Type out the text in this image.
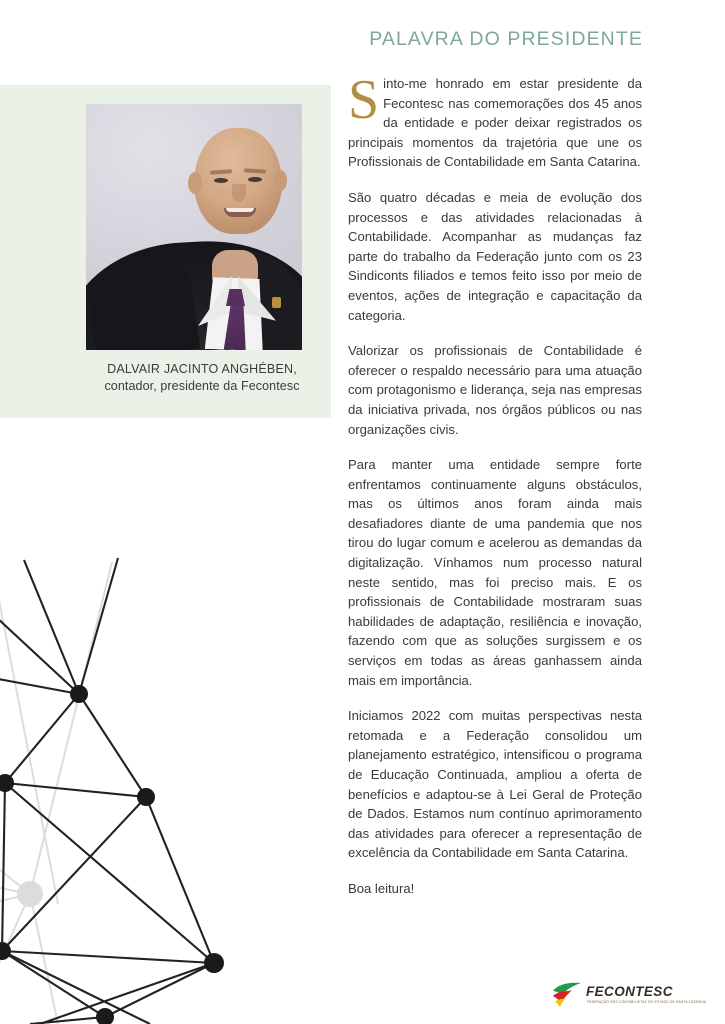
PALAVRA DO PRESIDENTE
DALVAIR JACINTO ANGHÉBEN,
contador, presidente da Fecontesc

Sinto-me honrado em estar presidente da Fecontesc nas comemorações dos 45 anos da entidade e poder deixar registrados os principais momentos da trajetória que une os Profissionais de Contabilidade em Santa Catarina.

São quatro décadas e meia de evolução dos processos e das atividades relacionadas à Contabilidade. Acompanhar as mudanças faz parte do trabalho da Federação junto com os 23 Sindiconts filiados e temos feito isso por meio de eventos, ações de integração e capacitação da categoria.

Valorizar os profissionais de Contabilidade é oferecer o respaldo necessário para uma atuação com protagonismo e liderança, seja nas empresas da iniciativa privada, nos órgãos públicos ou nas organizações civis.

Para manter uma entidade sempre forte enfrentamos continuamente alguns obstáculos, mas os últimos anos foram ainda mais desafiadores diante de uma pandemia que nos tirou do lugar comum e acelerou as demandas da digitalização. Vínhamos num processo natural neste sentido, mas foi preciso mais. E os profissionais de Contabilidade mostraram suas habilidades de adaptação, resiliência e inovação, fazendo com que as soluções surgissem e os serviços em todas as áreas ganhassem ainda mais em importância.

Iniciamos 2022 com muitas perspectivas nesta retomada e a Federação consolidou um planejamento estratégico, intensificou o programa de Educação Continuada, ampliou a oferta de benefícios e adaptou-se à Lei Geral de Proteção de Dados. Estamos num contínuo aprimoramento das atividades para oferecer a representação de excelência da Contabilidade em Santa Catarina.

Boa leitura!

FECONTESC
FEDERAÇÃO DOS CONTABILISTAS DO ESTADO DE SANTA CATARINA
